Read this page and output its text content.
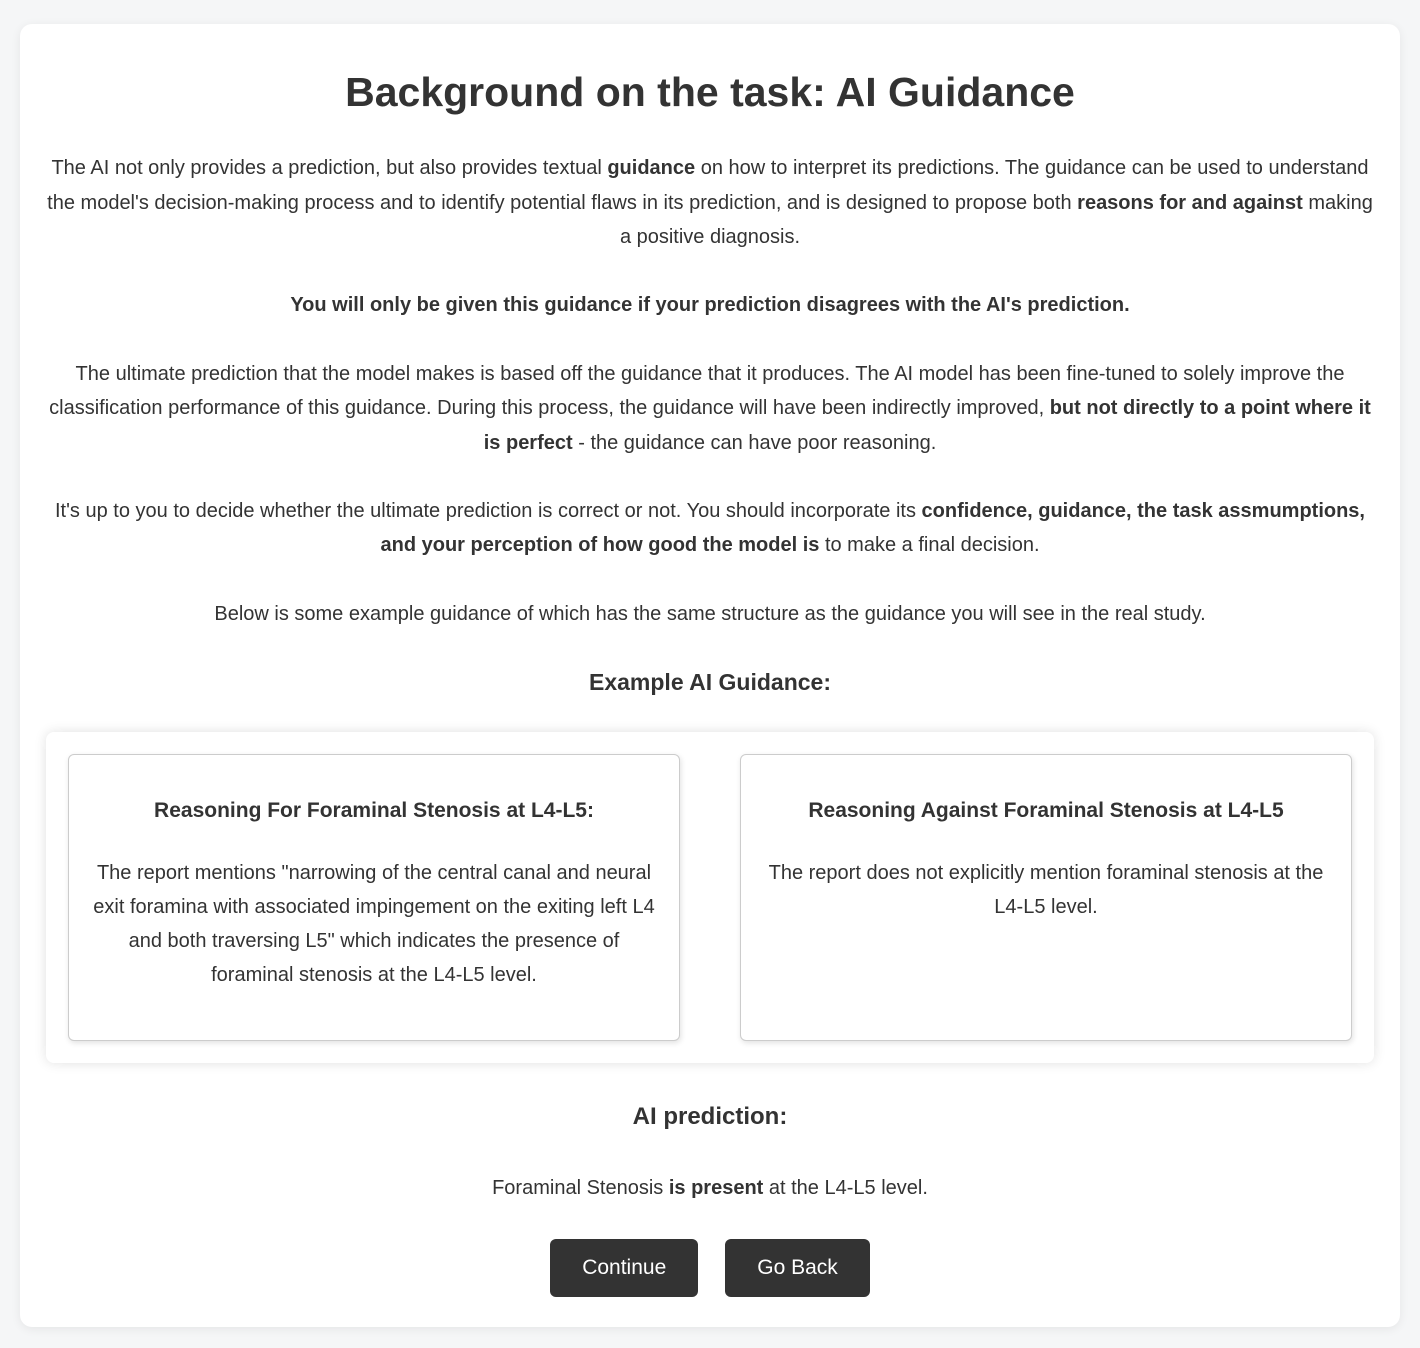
Background on the task: AI Guidance

The AI not only provides a prediction, but also provides textual guidance on how to interpret its predictions. The guidance can be used to understand the model's decision-making process and to identify potential flaws in its prediction, and is designed to propose both reasons for and against making a positive diagnosis.

You will only be given this guidance if your prediction disagrees with the AI's prediction.

The ultimate prediction that the model makes is based off the guidance that it produces. The AI model has been fine-tuned to solely improve the classification performance of this guidance. During this process, the guidance will have been indirectly improved, but not directly to a point where it is perfect - the guidance can have poor reasoning.

It's up to you to decide whether the ultimate prediction is correct or not. You should incorporate its confidence, guidance, the task assmumptions, and your perception of how good the model is to make a final decision.

Below is some example guidance of which has the same structure as the guidance you will see in the real study.

Example AI Guidance:
Reasoning For Foraminal Stenosis at L4-L5:

The report mentions "narrowing of the central canal and neural exit foramina with associated impingement on the exiting left L4 and both traversing L5" which indicates the presence of foraminal stenosis at the L4-L5 level.

Reasoning Against Foraminal Stenosis at L4-L5

The report does not explicitly mention foraminal stenosis at the L4-L5 level.

AI prediction:

Foraminal Stenosis is present at the L4-L5 level.

Continue	Go Back
